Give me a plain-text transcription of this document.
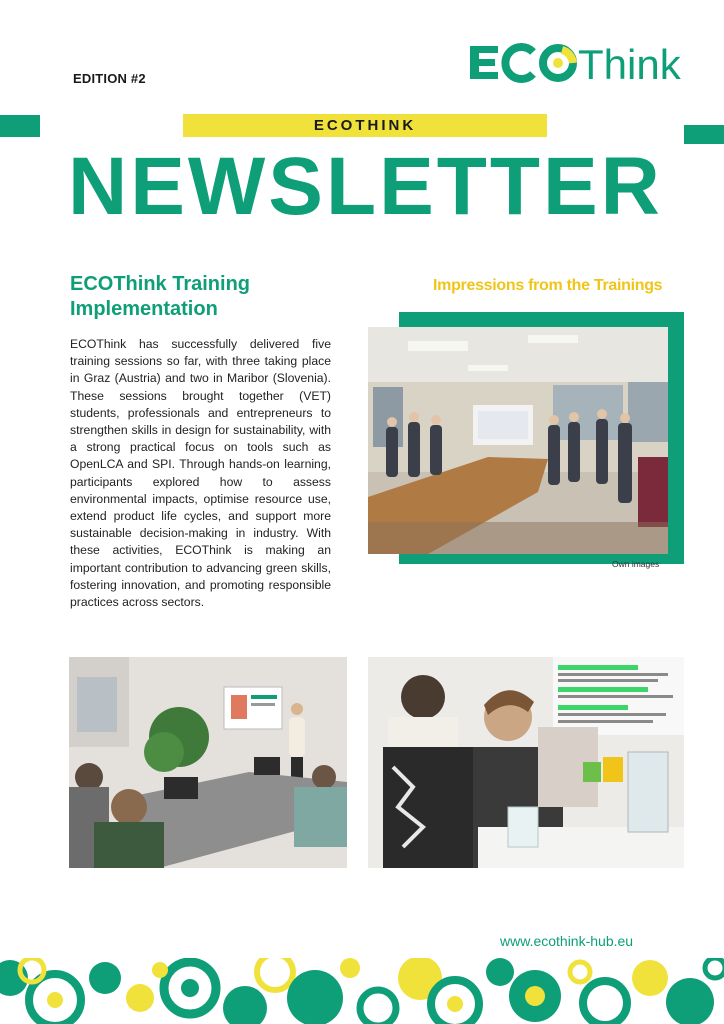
EDITION #2	Think
ECOTHINK
NEWSLETTER
ECOThink Training Implementation
ECOThink has successfully delivered five training sessions so far, with three taking place in Graz (Austria) and two in Maribor (Slovenia). These sessions brought together (VET) students, professionals and entrepreneurs to strengthen skills in design for sustainability, with a strong practical focus on tools such as OpenLCA and SPI. Through hands-on learning, participants explored how to assess environmental impacts, optimise resource use, extend product life cycles, and support more sustainable decision-making in industry. With these activities, ECOThink is making an important contribution to advancing green skills, fostering innovation, and promoting responsible practices across sectors.
Impressions from the Trainings
Own images
www.ecothink-hub.eu
